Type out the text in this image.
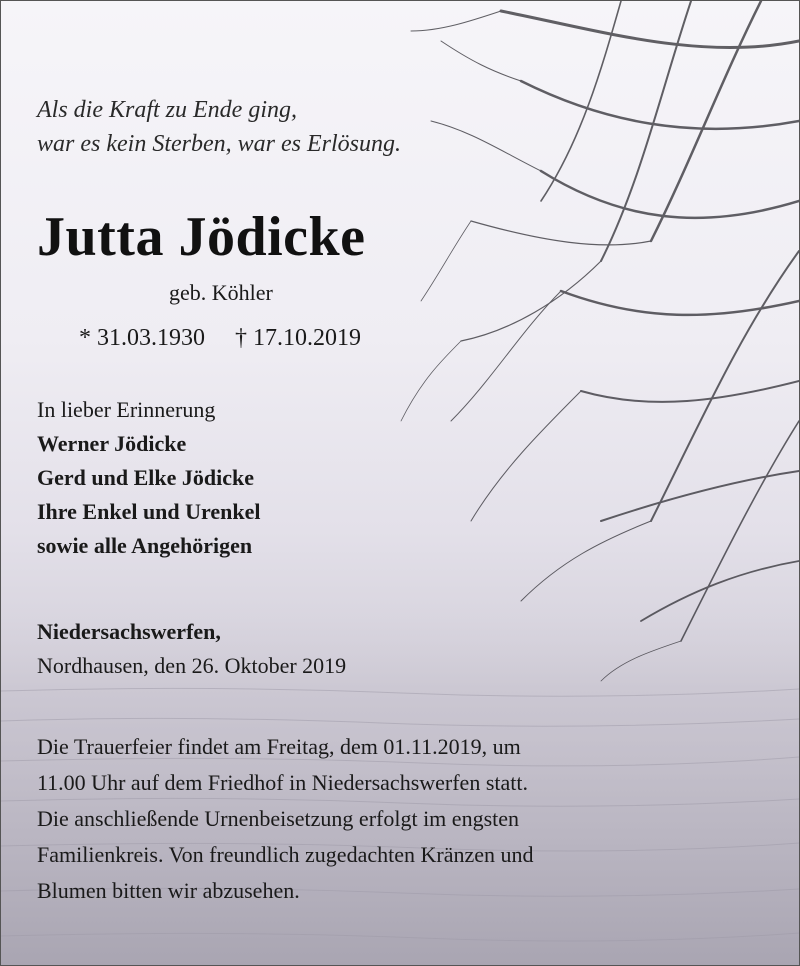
Als die Kraft zu Ende ging,
war es kein Sterben, war es Erlösung.
Jutta Jödicke
geb. Köhler
* 31.03.1930 † 17.10.2019
In lieber Erinnerung
Werner Jödicke
Gerd und Elke Jödicke
Ihre Enkel und Urenkel
sowie alle Angehörigen
Niedersachswerfen,
Nordhausen, den 26. Oktober 2019
Die Trauerfeier findet am Freitag, dem 01.11.2019, um
11.00 Uhr auf dem Friedhof in Niedersachswerfen statt.
Die anschließende Urnenbeisetzung erfolgt im engsten
Familienkreis. Von freundlich zugedachten Kränzen und
Blumen bitten wir abzusehen.
